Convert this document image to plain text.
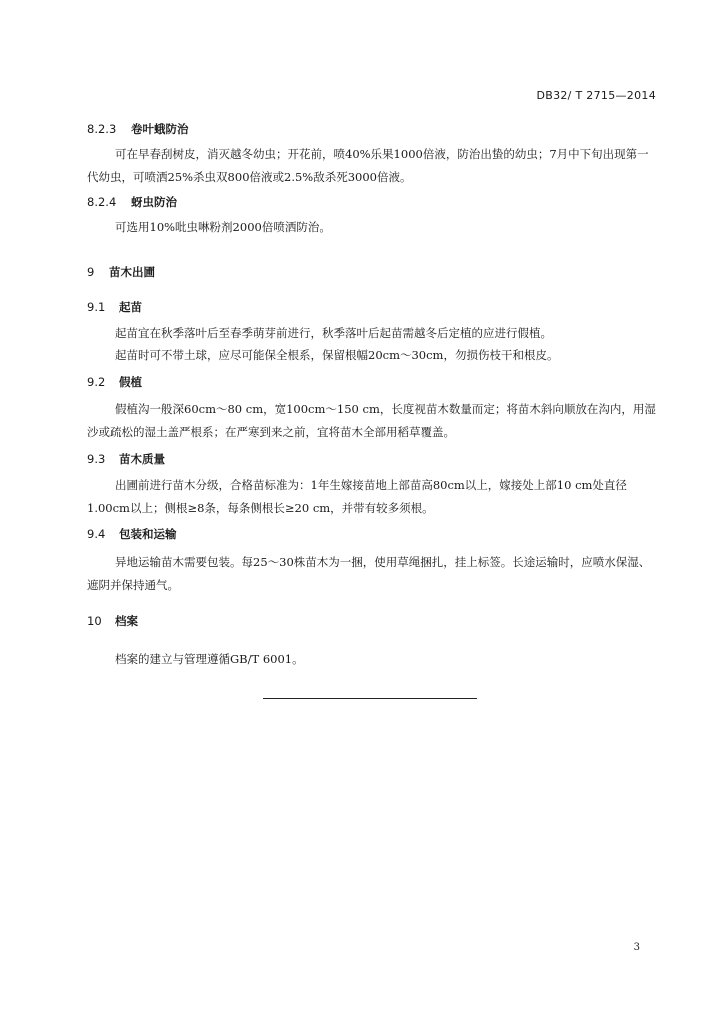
DB32/ T 2715—2014
8.2.3 卷叶蛾防治
可在早春刮树皮，消灭越冬幼虫；开花前，喷40%乐果1000倍液，防治出蛰的幼虫；7月中下旬出现第一代幼虫，可喷洒25%杀虫双800倍液或2.5%敌杀死3000倍液。
8.2.4 蚜虫防治
可选用10%吡虫啉粉剂2000倍喷洒防治。
9 苗木出圃
9.1 起苗
起苗宜在秋季落叶后至春季萌芽前进行，秋季落叶后起苗需越冬后定植的应进行假植。
起苗时可不带土球，应尽可能保全根系，保留根幅20cm～30cm，勿损伤枝干和根皮。
9.2 假植
假植沟一般深60cm～80 cm，宽100cm～150 cm，长度视苗木数量而定；将苗木斜向顺放在沟内，用湿沙或疏松的湿土盖严根系；在严寒到来之前，宜将苗木全部用稻草覆盖。
9.3 苗木质量
出圃前进行苗木分级，合格苗标准为：1年生嫁接苗地上部苗高80cm以上，嫁接处上部10 cm处直径1.00cm以上；侧根≥8条，每条侧根长≥20 cm，并带有较多须根。
9.4 包装和运输
异地运输苗木需要包装。每25～30株苗木为一捆，使用草绳捆扎，挂上标签。长途运输时，应喷水保湿、遮阴并保持通气。
10 档案
档案的建立与管理遵循GB/T 6001。
3
